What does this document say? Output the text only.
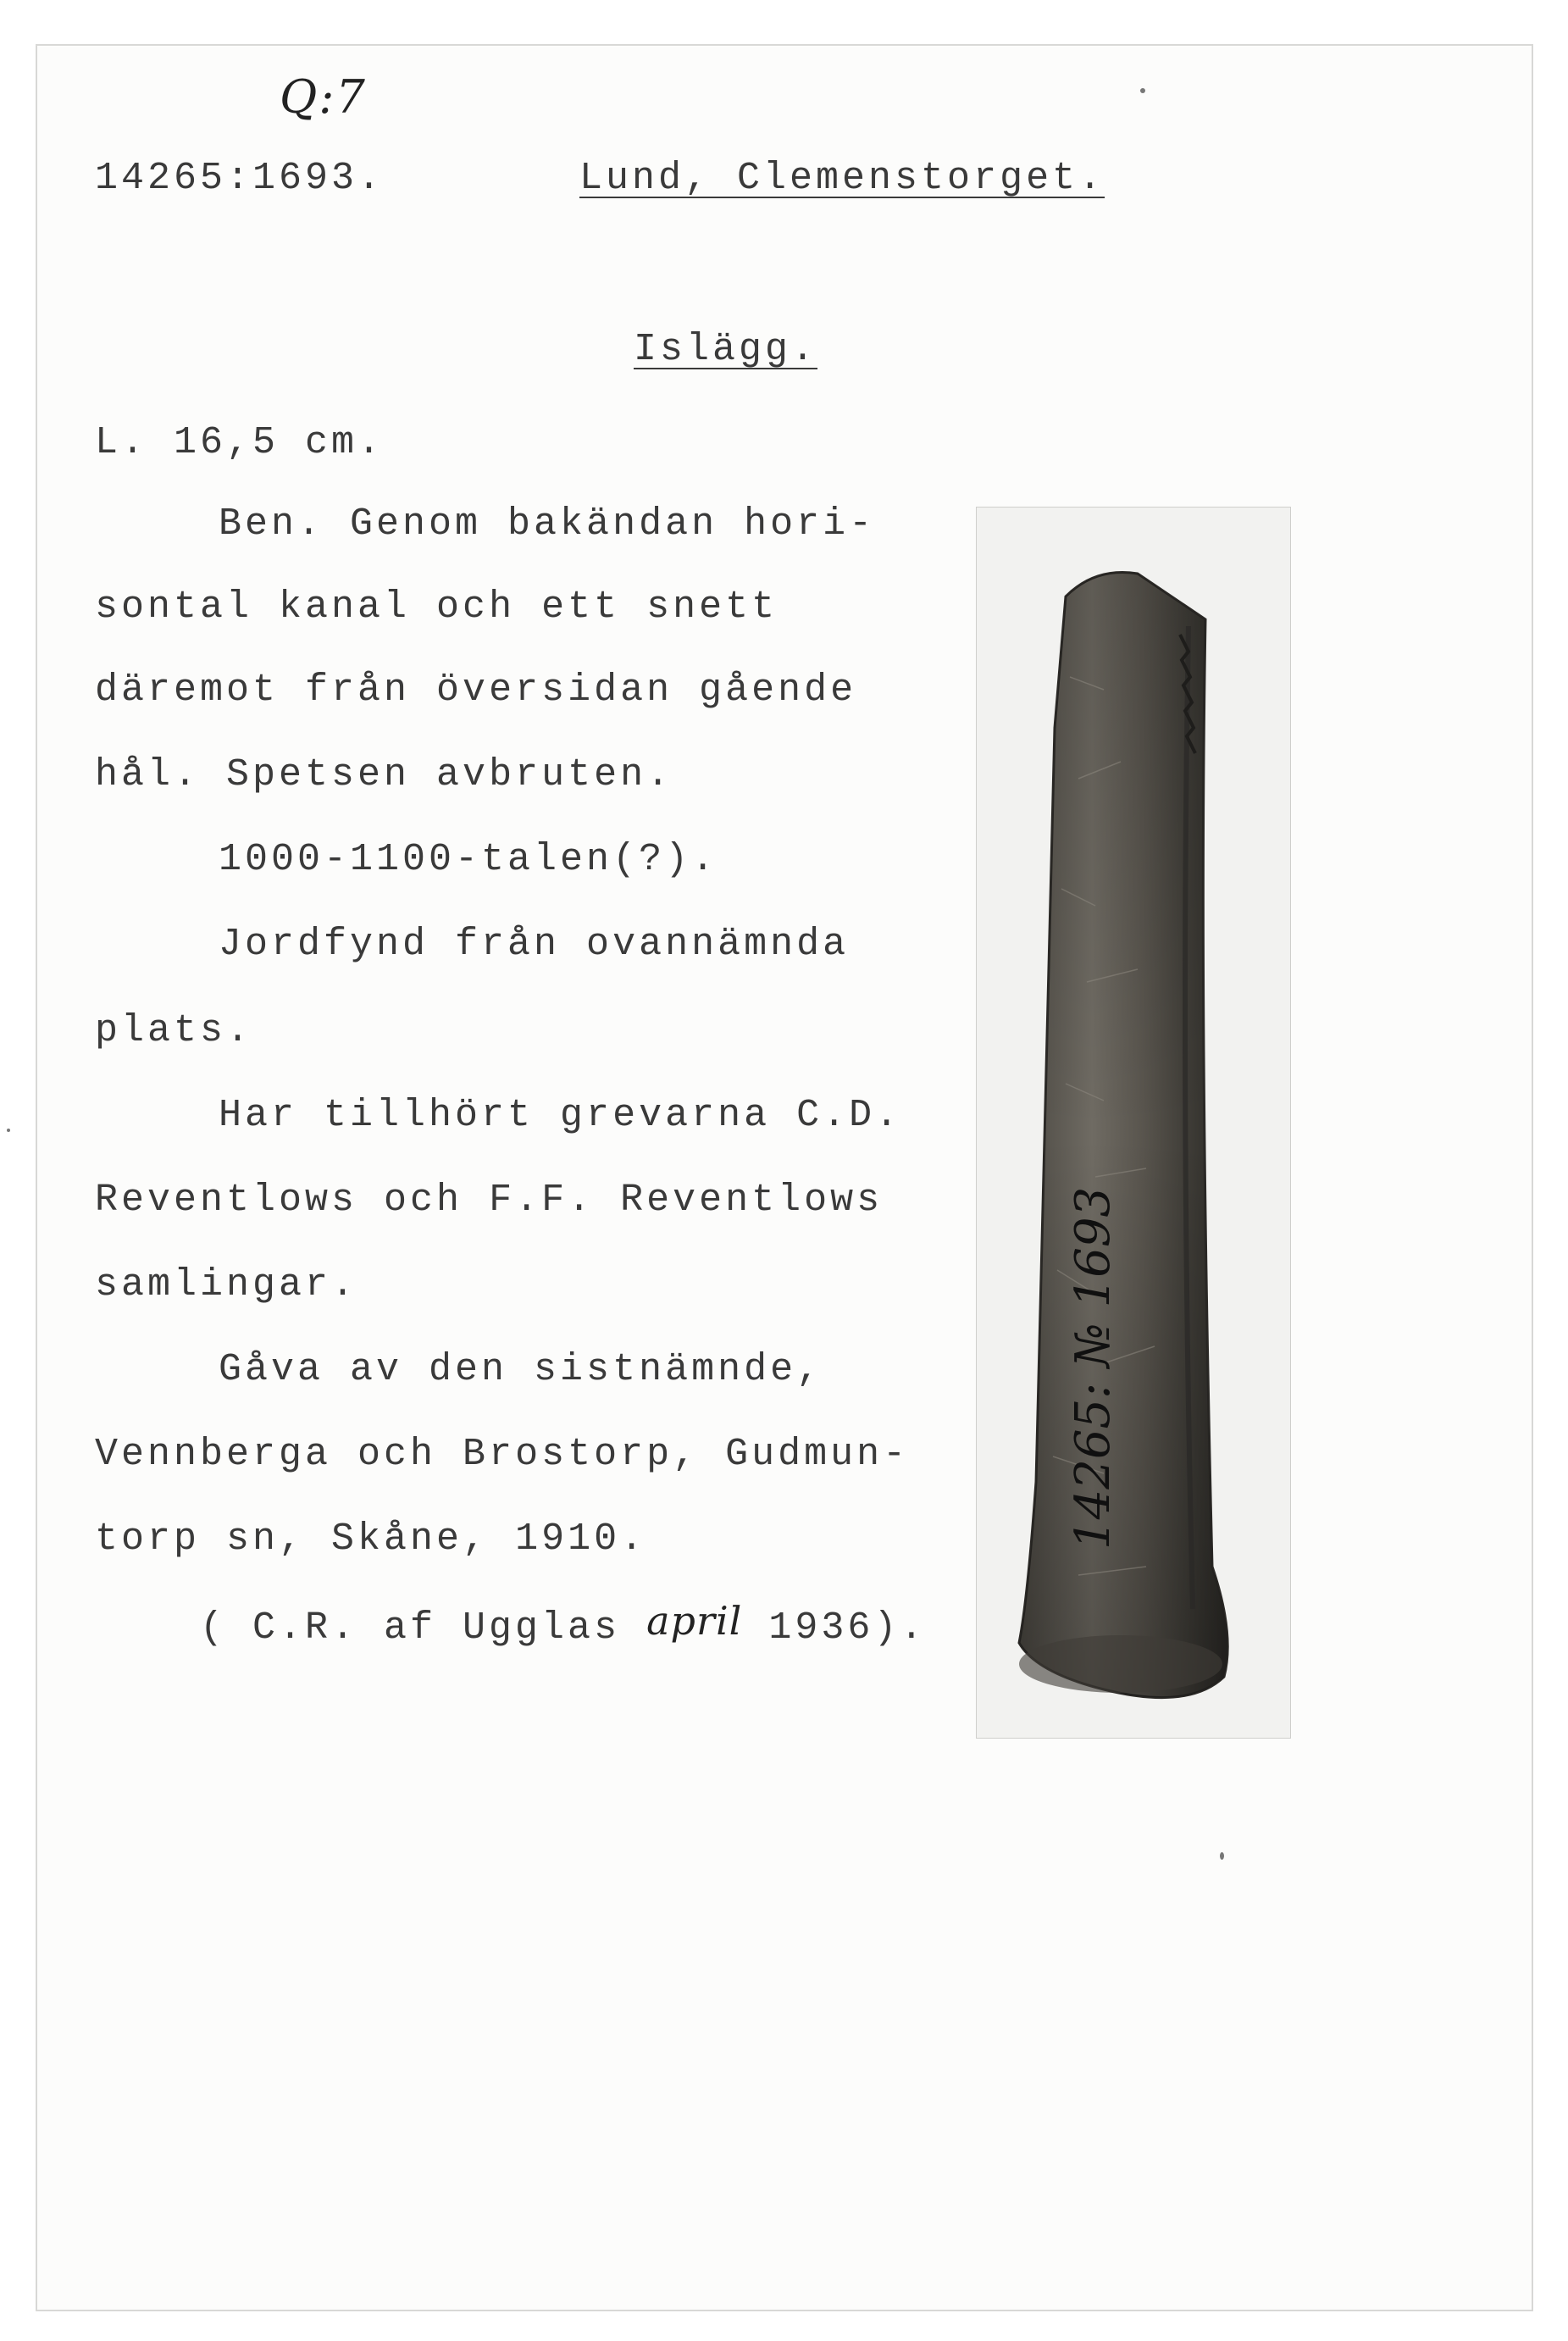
Q:7
14265:1693.	Lund, Clemenstorget.
Islägg.
L. 16,5 cm.
Ben. Genom bakändan hori-
sontal kanal och ett snett
däremot från översidan gående
hål. Spetsen avbruten.
1000-1100-talen(?).
Jordfynd från ovannämnda
plats.
Har tillhört grevarna C.D.
Reventlows och F.F. Reventlows
samlingar.
Gåva av den sistnämnde,
Vennberga och Brostorp, Gudmun-
torp sn, Skåne, 1910.
( C.R. af Ugglas april 1936).
14265: № 1693
